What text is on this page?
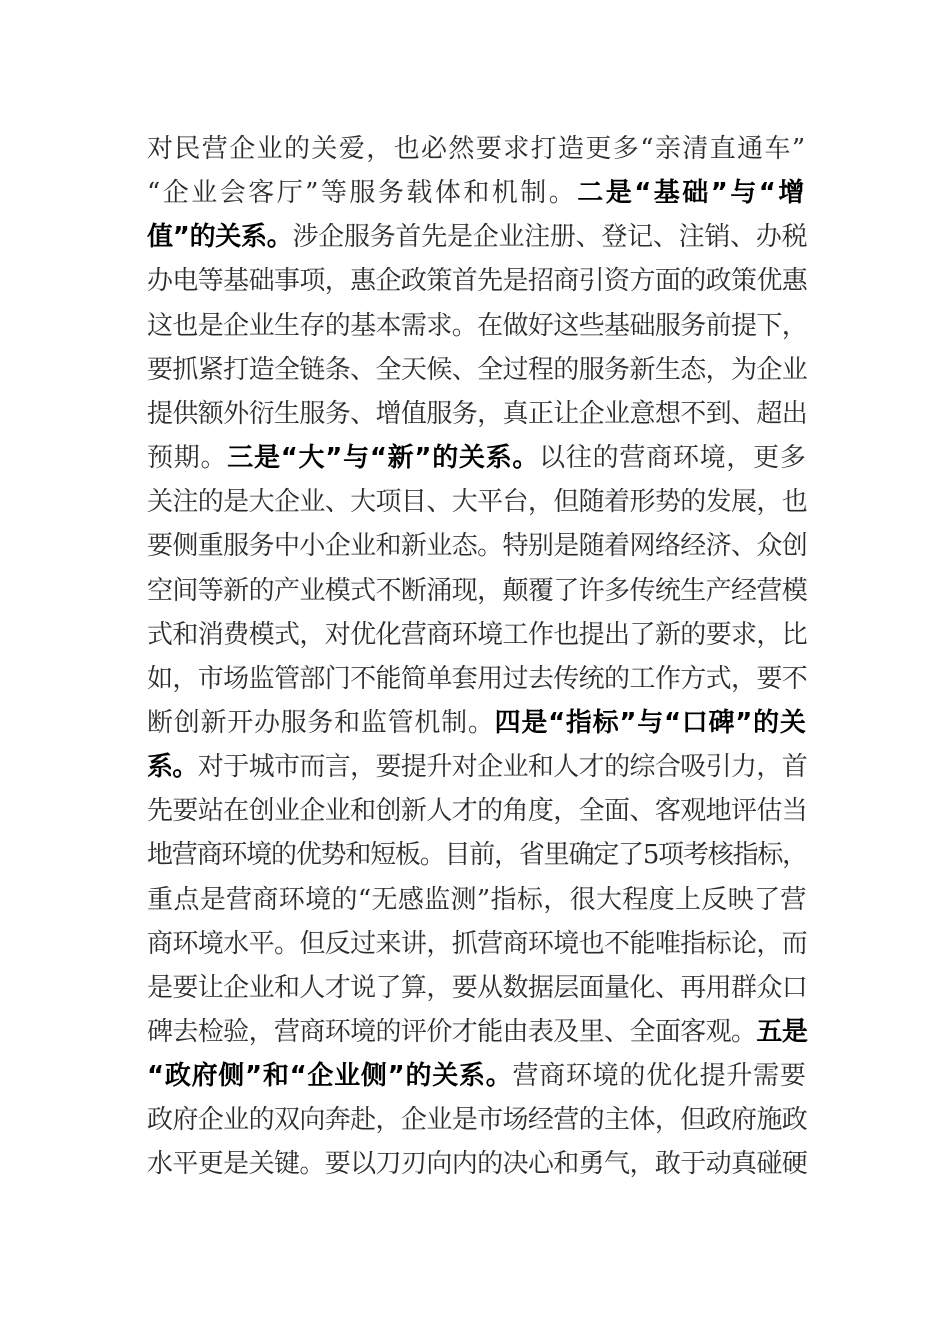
对民营企业的关爱，也必然要求打造更多“亲清直通车”
“企业会客厅”等服务载体和机制。二是“基础”与“增
值”的关系。涉企服务首先是企业注册、登记、注销、办税
办电等基础事项，惠企政策首先是招商引资方面的政策优惠
这也是企业生存的基本需求。在做好这些基础服务前提下，
要抓紧打造全链条、全天候、全过程的服务新生态，为企业
提供额外衍生服务、增值服务，真正让企业意想不到、超出
预期。三是“大”与“新”的关系。以往的营商环境，更多
关注的是大企业、大项目、大平台，但随着形势的发展，也
要侧重服务中小企业和新业态。特别是随着网络经济、众创
空间等新的产业模式不断涌现，颠覆了许多传统生产经营模
式和消费模式，对优化营商环境工作也提出了新的要求，比
如，市场监管部门不能简单套用过去传统的工作方式，要不
断创新开办服务和监管机制。四是“指标”与“口碑”的关
系。对于城市而言，要提升对企业和人才的综合吸引力，首
先要站在创业企业和创新人才的角度，全面、客观地评估当
地营商环境的优势和短板。目前，省里确定了5项考核指标，
重点是营商环境的“无感监测”指标，很大程度上反映了营
商环境水平。但反过来讲，抓营商环境也不能唯指标论，而
是要让企业和人才说了算，要从数据层面量化、再用群众口
碑去检验，营商环境的评价才能由表及里、全面客观。五是
“政府侧”和“企业侧”的关系。营商环境的优化提升需要
政府企业的双向奔赴，企业是市场经营的主体，但政府施政
水平更是关键。要以刀刃向内的决心和勇气，敢于动真碰硬
